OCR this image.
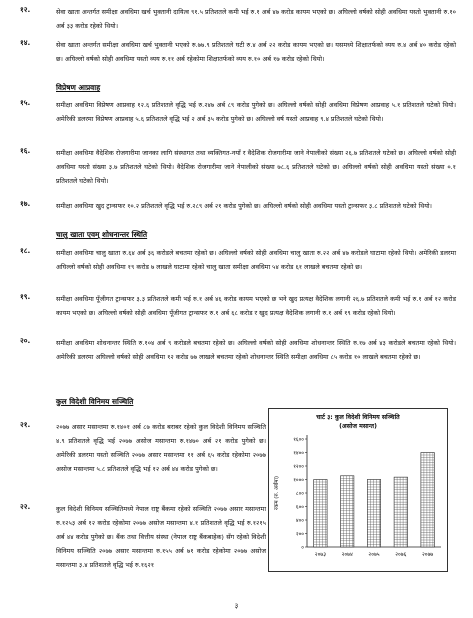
१२.	सेवा खाता अन्तर्गत समीक्षा अवधिमा खर्च भुक्तानी दायित्व ९१.५ प्रतिशतले कमी भई रु.१ अर्ब ४७ करोड कायम भएको छ। अघिल्लो वर्षको सोही अवधिमा यस्तो भुक्तानी रु.१० अर्ब ३३ करोड रहेको थियो।
१४.	सेवा खाता अन्तर्गत समीक्षा अवधिमा खर्च भुक्तानी भएको रु.७७.९ प्रतिशतले घटी रु.४ अर्ब २२ करोड कायम भएको छ। यसमध्ये शिक्षातर्फको व्यय रु.४ अर्ब ४० करोड रहेको छ। अघिल्लो वर्षको सोही अवधिमा यस्तो व्यय रु.११ अर्ब रहेकोमा शिक्षातर्फको व्यय रु.१० अर्ब १७ करोड रहेको थियो।
विप्रेषण आप्रवाह
१५.	समीक्षा अवधिमा विप्रेषण आप्रवाह १२.६ प्रतिशतले वृद्धि भई रु.२४७ अर्ब ८९ करोड पुगेको छ। अघिल्लो वर्षको सोही अवधिमा विप्रेषण आप्रवाह ५.१ प्रतिशतले घटेको थियो। अमेरिकी डलरमा विप्रेषण आप्रवाह ५.६ प्रतिशतले वृद्धि भई २ अर्ब ३५ करोड पुगेको छ। अघिल्लो वर्ष यस्तो आप्रवाह ९.४ प्रतिशतले घटेको थियो।
१६.	समीक्षा अवधिमा वैदेशिक रोजगारीमा जानका लागि संस्थागत तथा व्यक्तिगत-नयाँ र वैदेशिक रोजगारीमा जाने नेपालीको संख्या २६.७ प्रतिशतले घटेको छ। अघिल्लो वर्षको सोही अवधिमा यस्तो संख्या ३.७ प्रतिशतले घटेको थियो। वैदेशिक रोजगारीमा जाने नेपालीको संख्या ७८.६ प्रतिशतले घटेको छ। अघिल्लो वर्षको सोही अवधिमा यस्तो संख्या ०.१ प्रतिशतले घटेको थियो।
१७.	समीक्षा अवधिमा खुद ट्रान्सफर १०.२ प्रतिशतले वृद्धि भई रु.२८९ अर्ब २१ करोड पुगेको छ। अघिल्लो वर्षको सोही अवधिमा यस्तो ट्रान्सफर ३.८ प्रतिशतले घटेको थियो।
चालु खाता एवम् शोधनान्तर स्थिति
१८.	समीक्षा अवधिमा चालु खाता रु.६४ अर्ब ३६ करोडले बचतमा रहेको छ। अघिल्लो वर्षको सोही अवधिमा चालु खाता रु.२२ अर्ब ४७ करोडले घाटामा रहेको थियो। अमेरिकी डलरमा अघिल्लो वर्षको सोही अवधिमा १९ करोड ७ लाखले घाटामा रहेको चालु खाता समीक्षा अवधिमा ५४ करोड ६१ लाखले बचतमा रहेको छ।
१९.	समीक्षा अवधिमा पूँजीगत ट्रान्सफर ३.३ प्रतिशतले कमी भई रु.१ अर्ब ४६ करोड कायम भएको छ भने खुद प्रत्यक्ष वैदेशिक लगानी २६.७ प्रतिशतले कमी भई रु.१ अर्ब १२ करोड कायम भएको छ। अघिल्लो वर्षको सोही अवधिमा पूँजीगत ट्रान्सफर रु.१ अर्ब ६८ करोड र खुद प्रत्यक्ष वैदेशिक लगानी रु.१ अर्ब १९ करोड रहेको थियो।
२०.	समीक्षा अवधिमा शोधनान्तर स्थिति रु.१०४ अर्ब ९ करोडले बचतमा रहेको छ। अघिल्लो वर्षको सोही अवधिमा शोधनान्तर स्थिति रु.१७ अर्ब ४३ करोडले बचतमा रहेको थियो। अमेरिकी डलरमा अघिल्लो वर्षको सोही अवधिमा १२ करोड ७७ लाखले बचतमा रहेको शोधनान्तर स्थिति समीक्षा अवधिमा ८५ करोड १० लाखले बचतमा रहेको छ।
कुल विदेशी विनिमय सञ्चिति
२१.	२०७७ असार मसान्तमा रु.१४०१ अर्ब ८७ करोड बराबर रहेको कुल विदेशी विनिमय सञ्चिति ४.९ प्रतिशतले वृद्धि भई २०७७ असोज मसान्तमा रु.१४७० अर्ब २१ करोड पुगेको छ। अमेरिकी डलरमा यस्तो सञ्चिति २०७७ असार मसान्तमा ११ अर्ब ६५ करोड रहेकोमा २०७७ असोज मसान्तमा ५.८ प्रतिशतले वृद्धि भई १२ अर्ब ४४ करोड पुगेको छ।
२२.	कुल विदेशी विनिमय सञ्चितिमध्ये नेपाल राष्ट्र बैंकमा रहेको सञ्चिति २०७७ असार मसान्तमा रु.१२५३ अर्ब १२ करोड रहेकोमा २०७७ असोज मसान्तमा ४.१ प्रतिशतले वृद्धि भई रु.१२१५ अर्ब ४४ करोड पुगेको छ। बैंक तथा वित्तीय संस्था (नेपाल राष्ट्र बैंकबाहेक) सँग रहेको विदेशी विनिमय सञ्चिति २०७७ असार मसान्तमा रु.१५५ अर्ब ७१ करोड रहेकोमा २०७७ असोज मसान्तमा ३.४ प्रतिशतले वृद्धि भई रु.१६२१
चार्ट ३: कुल विदेशी विनिमय सञ्चिति
(असोज मसान्त)
०
२००
४००
६००
८००
१०००
१२००
१४००
१६००
रकम (रु. अर्बमा)
२०७३	२०७४	२०७५	२०७६	२०७७
३
